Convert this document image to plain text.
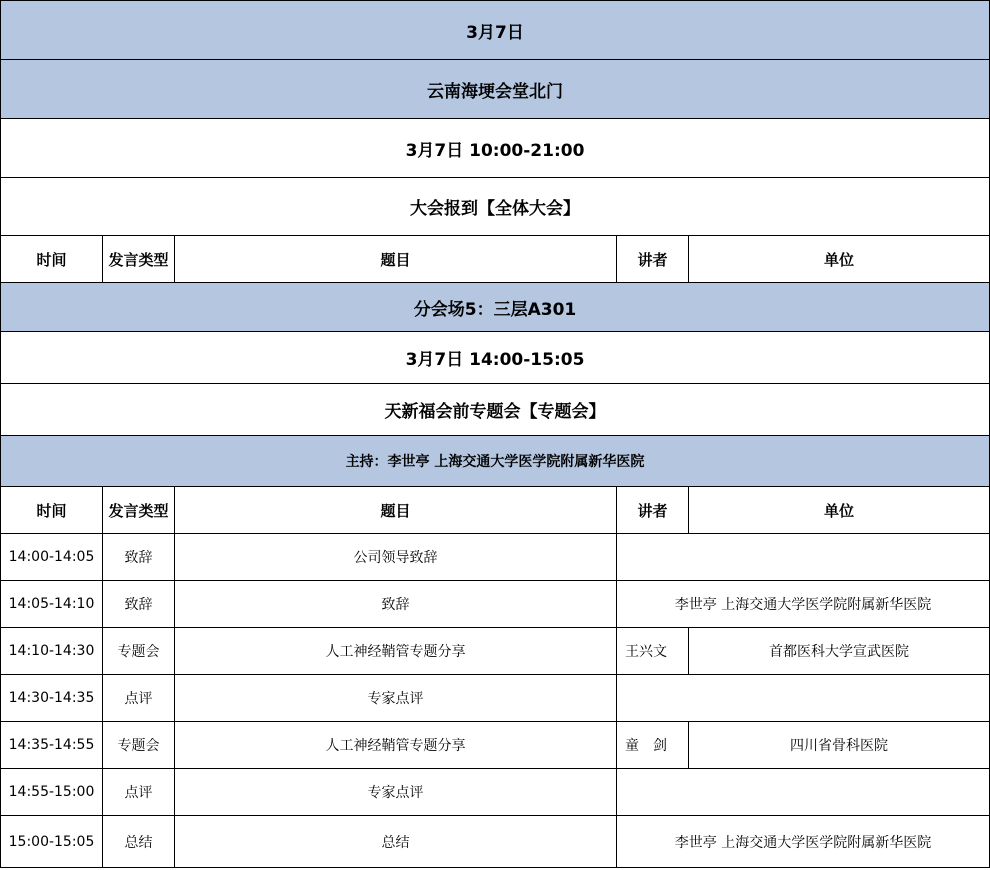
3月7日				
云南海埂会堂北门				
3月7日 10:00-21:00				
大会报到【全体大会】				
时间	发言类型	题目	讲者	单位
分会场5：三层A301				
3月7日 14:00-15:05				
天新福会前专题会【专题会】				
主持：李世亭 上海交通大学医学院附属新华医院				
时间	发言类型	题目	讲者	单位
14:00-14:05	致辞	公司领导致辞		
14:05-14:10	致辞	致辞	李世亭 上海交通大学医学院附属新华医院	
14:10-14:30	专题会	人工神经鞘管专题分享	王兴文	首都医科大学宣武医院
14:30-14:35	点评	专家点评		
14:35-14:55	专题会	人工神经鞘管专题分享	童　剑	四川省骨科医院
14:55-15:00	点评	专家点评		
15:00-15:05	总结	总结	李世亭 上海交通大学医学院附属新华医院	
